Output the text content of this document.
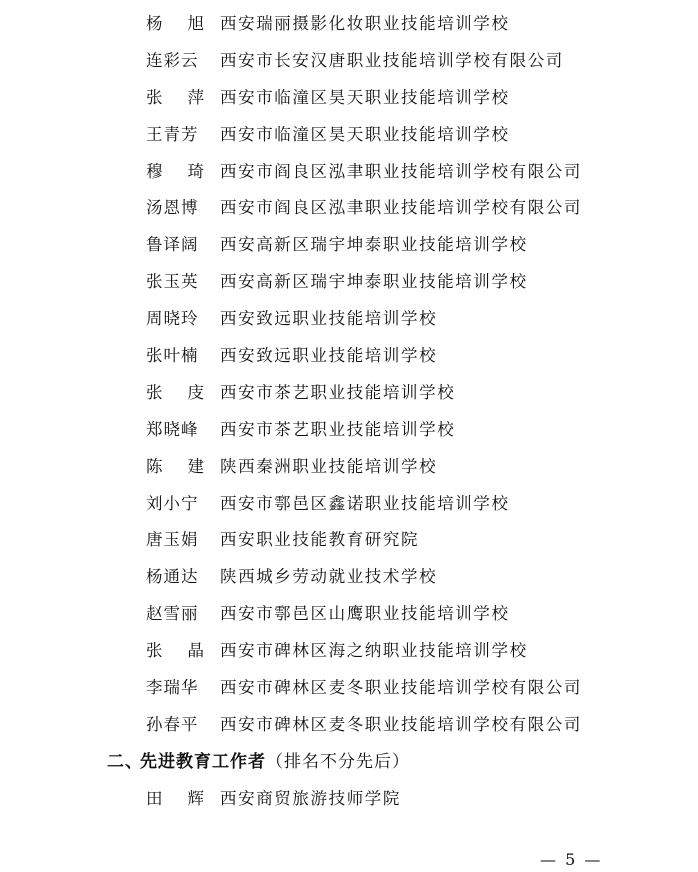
杨 旭 西安瑞丽摄影化妆职业技能培训学校
连彩云	西安市长安汉唐职业技能培训学校有限公司
张 萍 西安市临潼区昊天职业技能培训学校
王青芳	西安市临潼区昊天职业技能培训学校
穆 琦 西安市阎良区泓聿职业技能培训学校有限公司
汤恩博	西安市阎良区泓聿职业技能培训学校有限公司
鲁译阔	西安高新区瑞宇坤泰职业技能培训学校
张玉英	西安高新区瑞宇坤泰职业技能培训学校
周晓玲	西安致远职业技能培训学校
张叶楠	西安致远职业技能培训学校
张 庋 西安市茶艺职业技能培训学校
郑晓峰	西安市茶艺职业技能培训学校
陈 建 陕西秦洲职业技能培训学校
刘小宁	西安市鄠邑区鑫诺职业技能培训学校
唐玉娟	西安职业技能教育研究院
杨通达	陕西城乡劳动就业技术学校
赵雪丽	西安市鄠邑区山鹰职业技能培训学校
张 晶 西安市碑林区海之纳职业技能培训学校
李瑞华	西安市碑林区麦冬职业技能培训学校有限公司
孙春平	西安市碑林区麦冬职业技能培训学校有限公司
二、
先进教育工作者（排名不分先后）
田 辉 西安商贸旅游技师学院
— 5 —
